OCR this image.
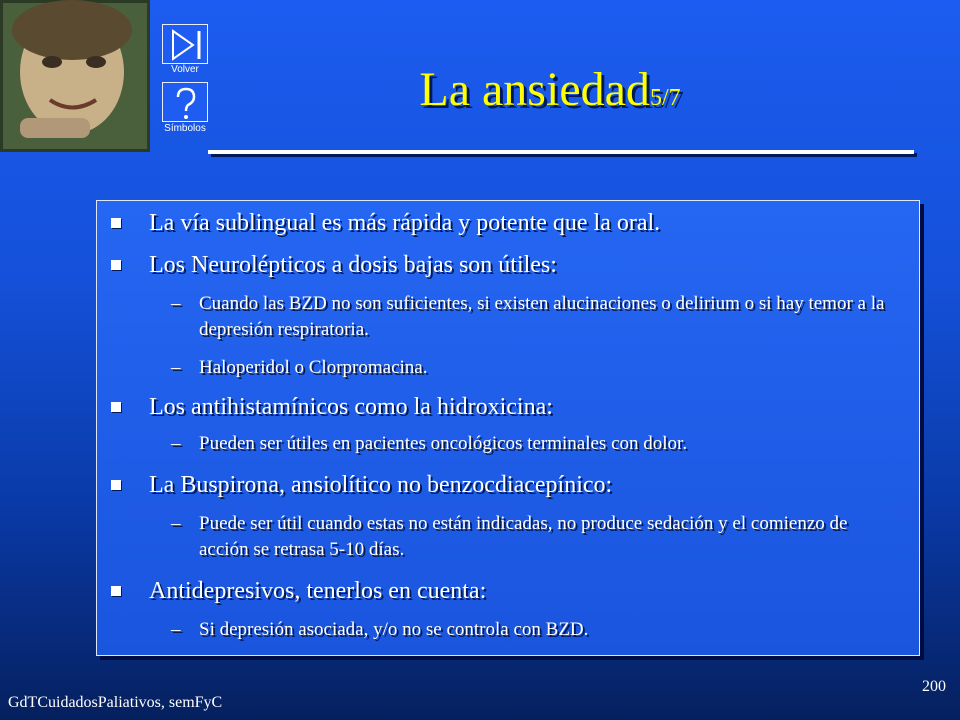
Volver
Símbolos
La ansiedad5/7
La vía sublingual es más rápida y potente que la oral.
Los Neurolépticos a dosis bajas son útiles:
– Cuando las BZD no son suficientes, si existen alucinaciones o delirium o si hay temor a la depresión respiratoria.
– Haloperidol o Clorpromacina.
Los antihistamínicos como la hidroxicina:
– Pueden ser útiles en pacientes oncológicos terminales con dolor.
La Buspirona, ansiolítico no benzocdiacepínico:
– Puede ser útil cuando estas no están indicadas, no produce sedación y el comienzo de acción se retrasa 5-10 días.
Antidepresivos, tenerlos en cuenta:
– Si depresión asociada, y/o no se controla con BZD.
GdTCuidadosPaliativos, semFyC
200
